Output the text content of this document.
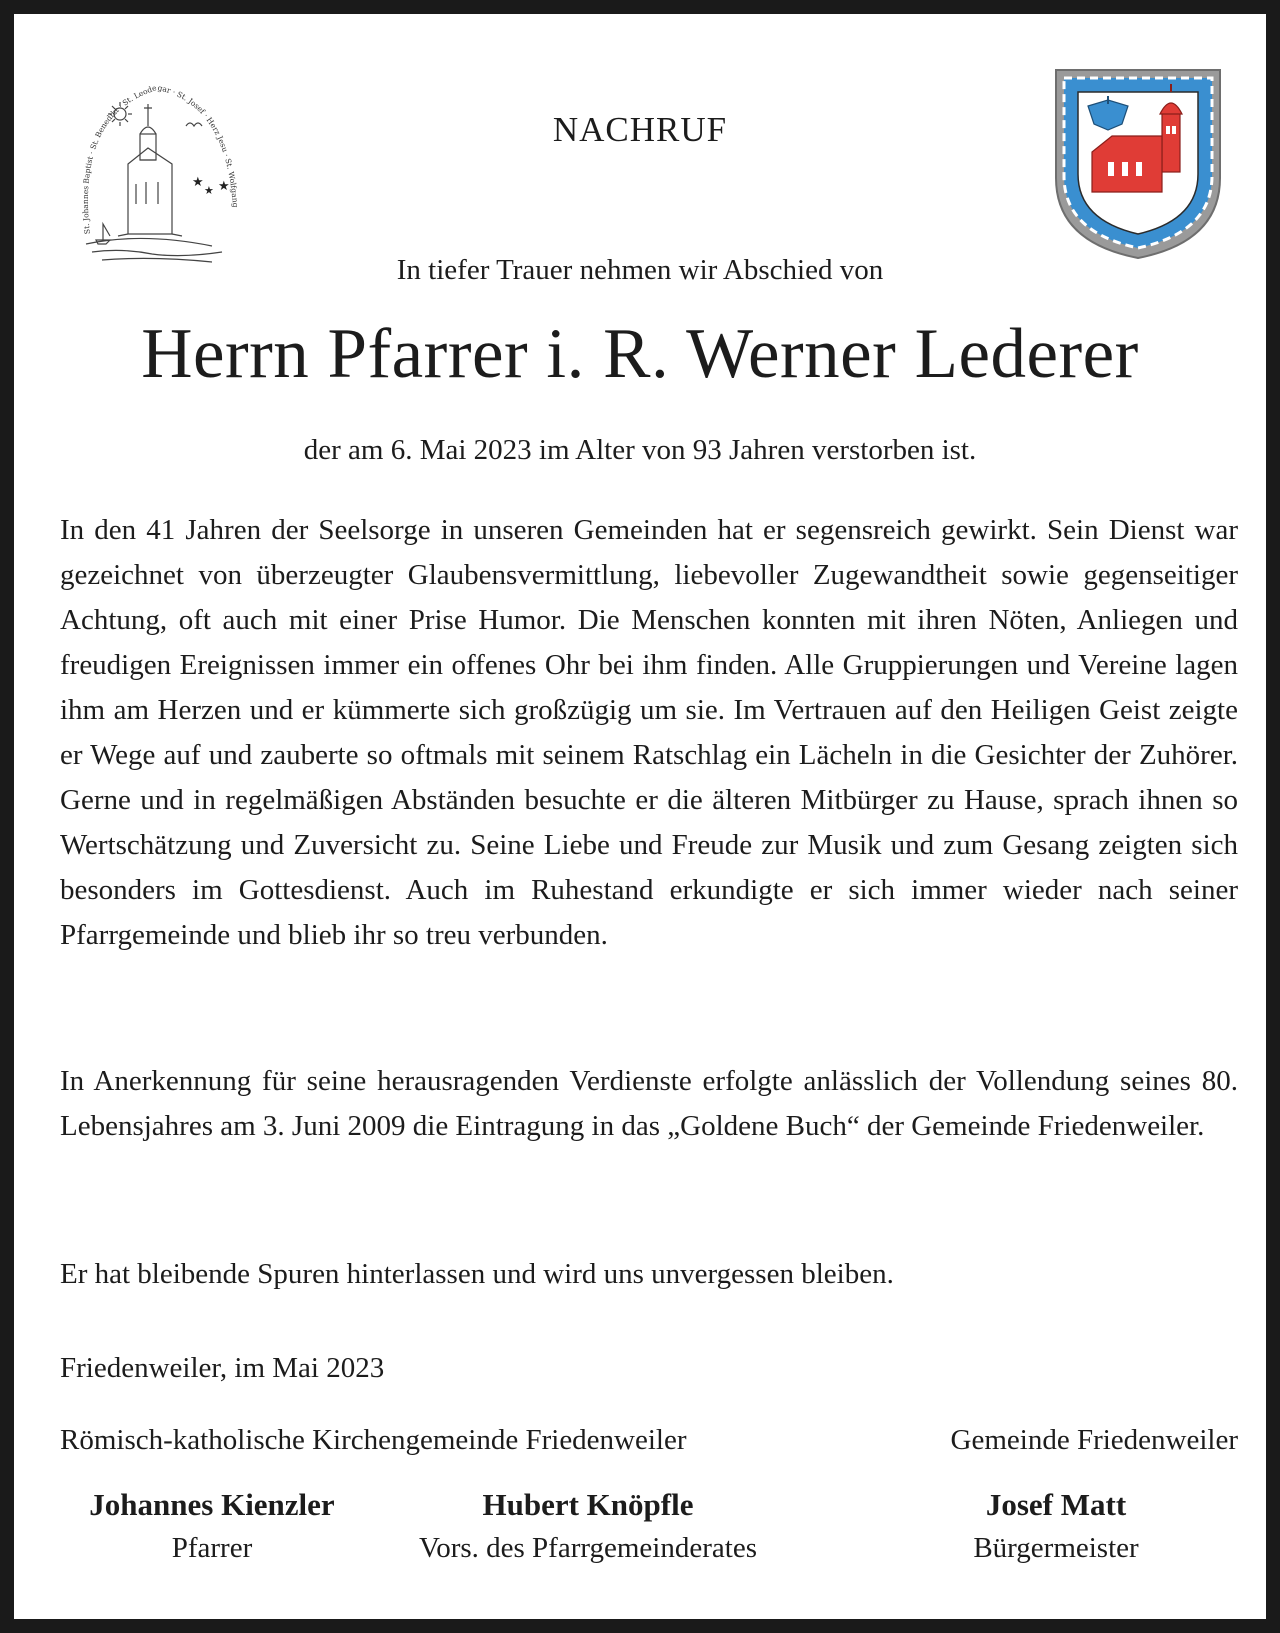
★
★ ★
St. Johannes Baptist · St. Benedikt · St. Leodegar · St. Josef · Herz Jesu · St. Wolfgang
NACHRUF
In tiefer Trauer nehmen wir Abschied von
Herrn Pfarrer i. R. Werner Lederer
der am 6. Mai 2023 im Alter von 93 Jahren verstorben ist.

In den 41 Jahren der Seelsorge in unseren Gemeinden hat er segensreich gewirkt. Sein Dienst war gezeichnet von überzeugter Glaubensvermittlung, liebevoller Zugewandtheit sowie gegenseitiger Achtung, oft auch mit einer Prise Humor. Die Menschen konnten mit ihren Nöten, Anliegen und freudigen Ereignissen immer ein offenes Ohr bei ihm finden. Alle Gruppierungen und Vereine lagen ihm am Herzen und er kümmerte sich großzügig um sie. Im Vertrauen auf den Heiligen Geist zeigte er Wege auf und zauberte so oftmals mit seinem Ratschlag ein Lächeln in die Gesichter der Zuhörer. Gerne und in regelmäßigen Abständen besuchte er die älteren Mitbürger zu Hause, sprach ihnen so Wertschätzung und Zuversicht zu. Seine Liebe und Freude zur Musik und zum Gesang zeigten sich besonders im Gottesdienst. Auch im Ruhestand erkundigte er sich immer wieder nach seiner Pfarrgemeinde und blieb ihr so treu verbunden.

In Anerkennung für seine herausragenden Verdienste erfolgte anlässlich der Vollendung seines 80. Lebensjahres am 3. Juni 2009 die Eintragung in das „Goldene Buch“ der Gemeinde Friedenweiler.

Er hat bleibende Spuren hinterlassen und wird uns unvergessen bleiben.

Friedenweiler, im Mai 2023
Römisch-katholische Kirchengemeinde Friedenweiler	Gemeinde Friedenweiler
Johannes Kienzler
Pfarrer
Hubert Knöpfle
Vors. des Pfarrgemeinderates
Josef Matt
Bürgermeister
